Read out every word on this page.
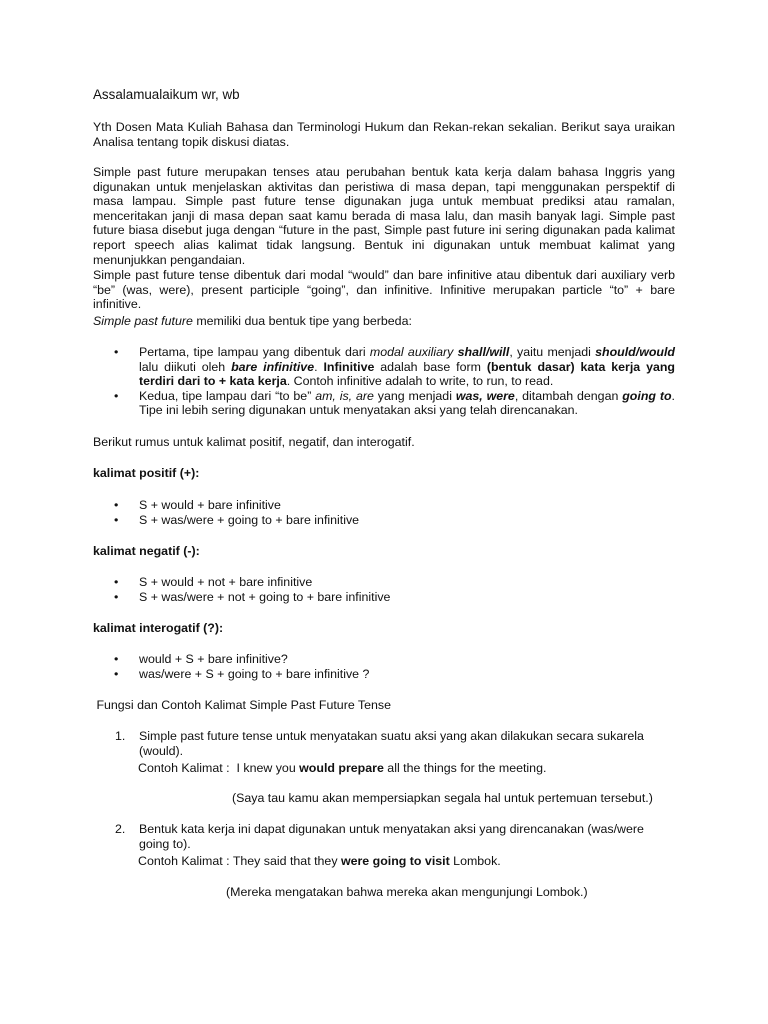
Assalamualaikum wr, wb
Yth Dosen Mata Kuliah Bahasa dan Terminologi Hukum dan Rekan-rekan sekalian. Berikut saya uraikan Analisa tentang topik diskusi diatas.
Simple past future merupakan tenses atau perubahan bentuk kata kerja dalam bahasa Inggris yang digunakan untuk menjelaskan aktivitas dan peristiwa di masa depan, tapi menggunakan perspektif di masa lampau. Simple past future tense digunakan juga untuk membuat prediksi atau ramalan, menceritakan janji di masa depan saat kamu berada di masa lalu, dan masih banyak lagi. Simple past future biasa disebut juga dengan “future in the past, Simple past future ini sering digunakan pada kalimat report speech alias kalimat tidak langsung. Bentuk ini digunakan untuk membuat kalimat yang menunjukkan pengandaian.
Simple past future tense dibentuk dari modal “would” dan bare infinitive atau dibentuk dari auxiliary verb “be” (was, were), present participle “going”, dan infinitive. Infinitive merupakan particle “to” + bare infinitive.
Simple past future memiliki dua bentuk tipe yang berbeda:
• Pertama, tipe lampau yang dibentuk dari modal auxiliary shall/will, yaitu menjadi should/would lalu diikuti oleh bare infinitive. Infinitive adalah base form (bentuk dasar) kata kerja yang terdiri dari to + kata kerja. Contoh infinitive adalah to write, to run, to read.
• Kedua, tipe lampau dari “to be” am, is, are yang menjadi was, were, ditambah dengan going to. Tipe ini lebih sering digunakan untuk menyatakan aksi yang telah direncanakan.
Berikut rumus untuk kalimat positif, negatif, dan interogatif.
kalimat positif (+):
• S + would + bare infinitive
• S + was/were + going to + bare infinitive
kalimat negatif (-):
• S + would + not + bare infinitive
• S + was/were + not + going to + bare infinitive
kalimat interogatif (?):
• would + S + bare infinitive?
• was/were + S + going to + bare infinitive ?
Fungsi dan Contoh Kalimat Simple Past Future Tense
1. Simple past future tense untuk menyatakan suatu aksi yang akan dilakukan secara sukarela (would).
Contoh Kalimat :  I knew you would prepare all the things for the meeting.
(Saya tau kamu akan mempersiapkan segala hal untuk pertemuan tersebut.)
2. Bentuk kata kerja ini dapat digunakan untuk menyatakan aksi yang direncanakan (was/were going to).
Contoh Kalimat : They said that they were going to visit Lombok.
(Mereka mengatakan bahwa mereka akan mengunjungi Lombok.)
